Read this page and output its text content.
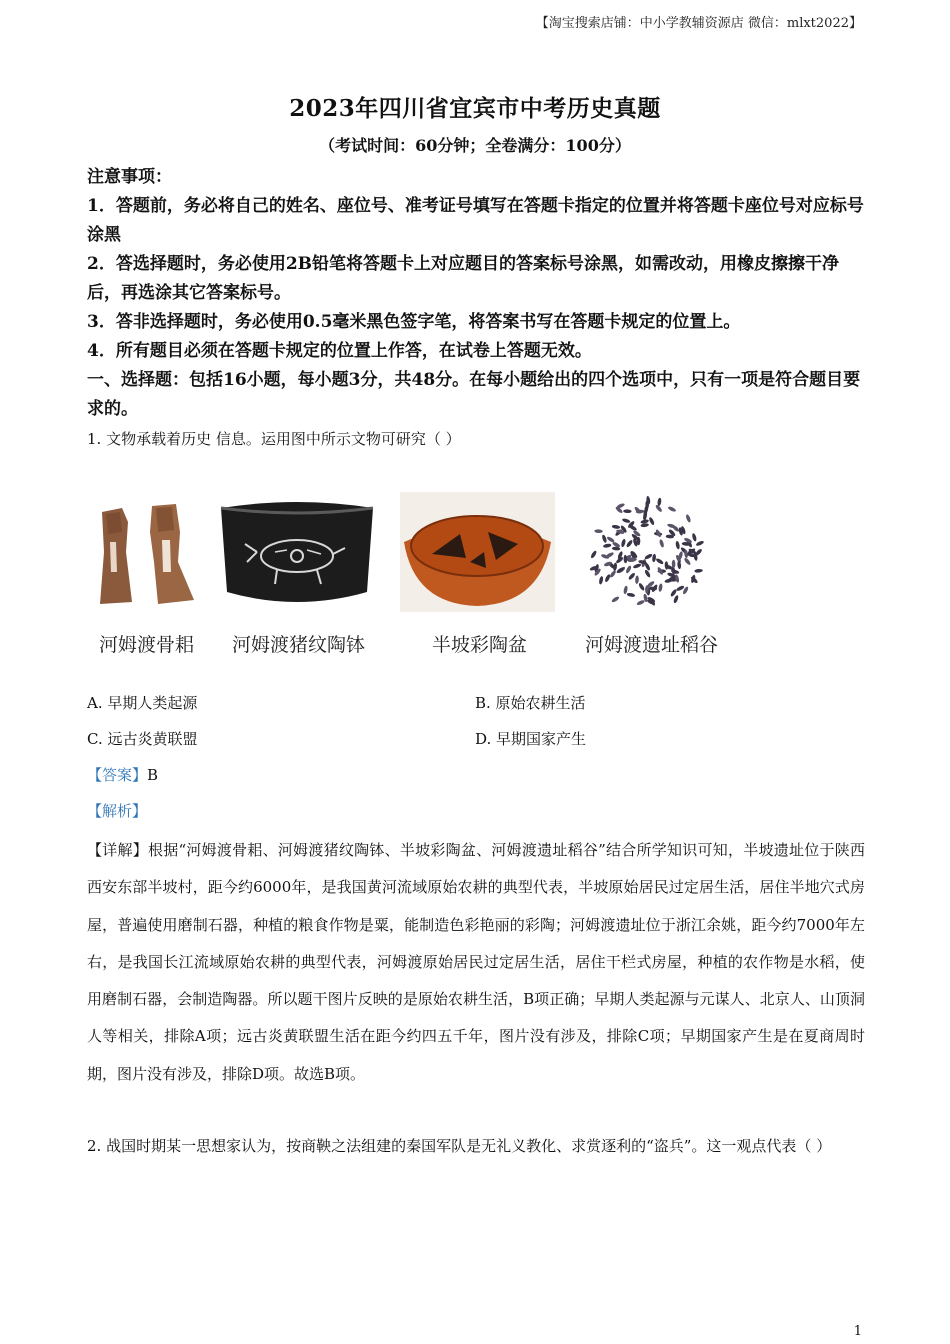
【淘宝搜索店铺：中小学教辅资源店 微信：mlxt2022】
2023年四川省宜宾市中考历史真题
（考试时间：60分钟；全卷满分：100分）
注意事项：
1．答题前，务必将自己的姓名、座位号、准考证号填写在答题卡指定的位置并将答题卡座位号对应标号涂黑
2．答选择题时，务必使用2B铅笔将答题卡上对应题目的答案标号涂黑，如需改动，用橡皮擦擦干净后，再选涂其它答案标号。
3．答非选择题时，务必使用0.5毫米黑色签字笔，将答案书写在答题卡规定的位置上。
4．所有题目必须在答题卡规定的位置上作答，在试卷上答题无效。
一、选择题：包括16小题，每小题3分，共48分。在每小题给出的四个选项中，只有一项是符合题目要求的。
1. 文物承载着历史 信息。运用图中所示文物可研究（ ）
河姆渡骨耜 河姆渡猪纹陶钵	半坡彩陶盆	河姆渡遗址稻谷
A. 早期人类起源	B. 原始农耕生活
C. 远古炎黄联盟	D. 早期国家产生
【答案】B
【解析】
【详解】根据“河姆渡骨耜、河姆渡猪纹陶钵、半坡彩陶盆、河姆渡遗址稻谷”结合所学知识可知，半坡遗址位于陕西西安东部半坡村，距今约6000年，是我国黄河流域原始农耕的典型代表，半坡原始居民过定居生活，居住半地穴式房屋，普遍使用磨制石器，种植的粮食作物是粟，能制造色彩艳丽的彩陶；河姆渡遗址位于浙江余姚，距今约7000年左右，是我国长江流域原始农耕的典型代表，河姆渡原始居民过定居生活，居住干栏式房屋，种植的农作物是水稻，使用磨制石器，会制造陶器。所以题干图片反映的是原始农耕生活，B项正确；早期人类起源与元谋人、北京人、山顶洞人等相关，排除A项；远古炎黄联盟生活在距今约四五千年，图片没有涉及，排除C项；早期国家产生是在夏商周时期，图片没有涉及，排除D项。故选B项。
2. 战国时期某一思想家认为，按商鞅之法组建的秦国军队是无礼义教化、求赏逐利的“盗兵”。这一观点代表（ ）
1
